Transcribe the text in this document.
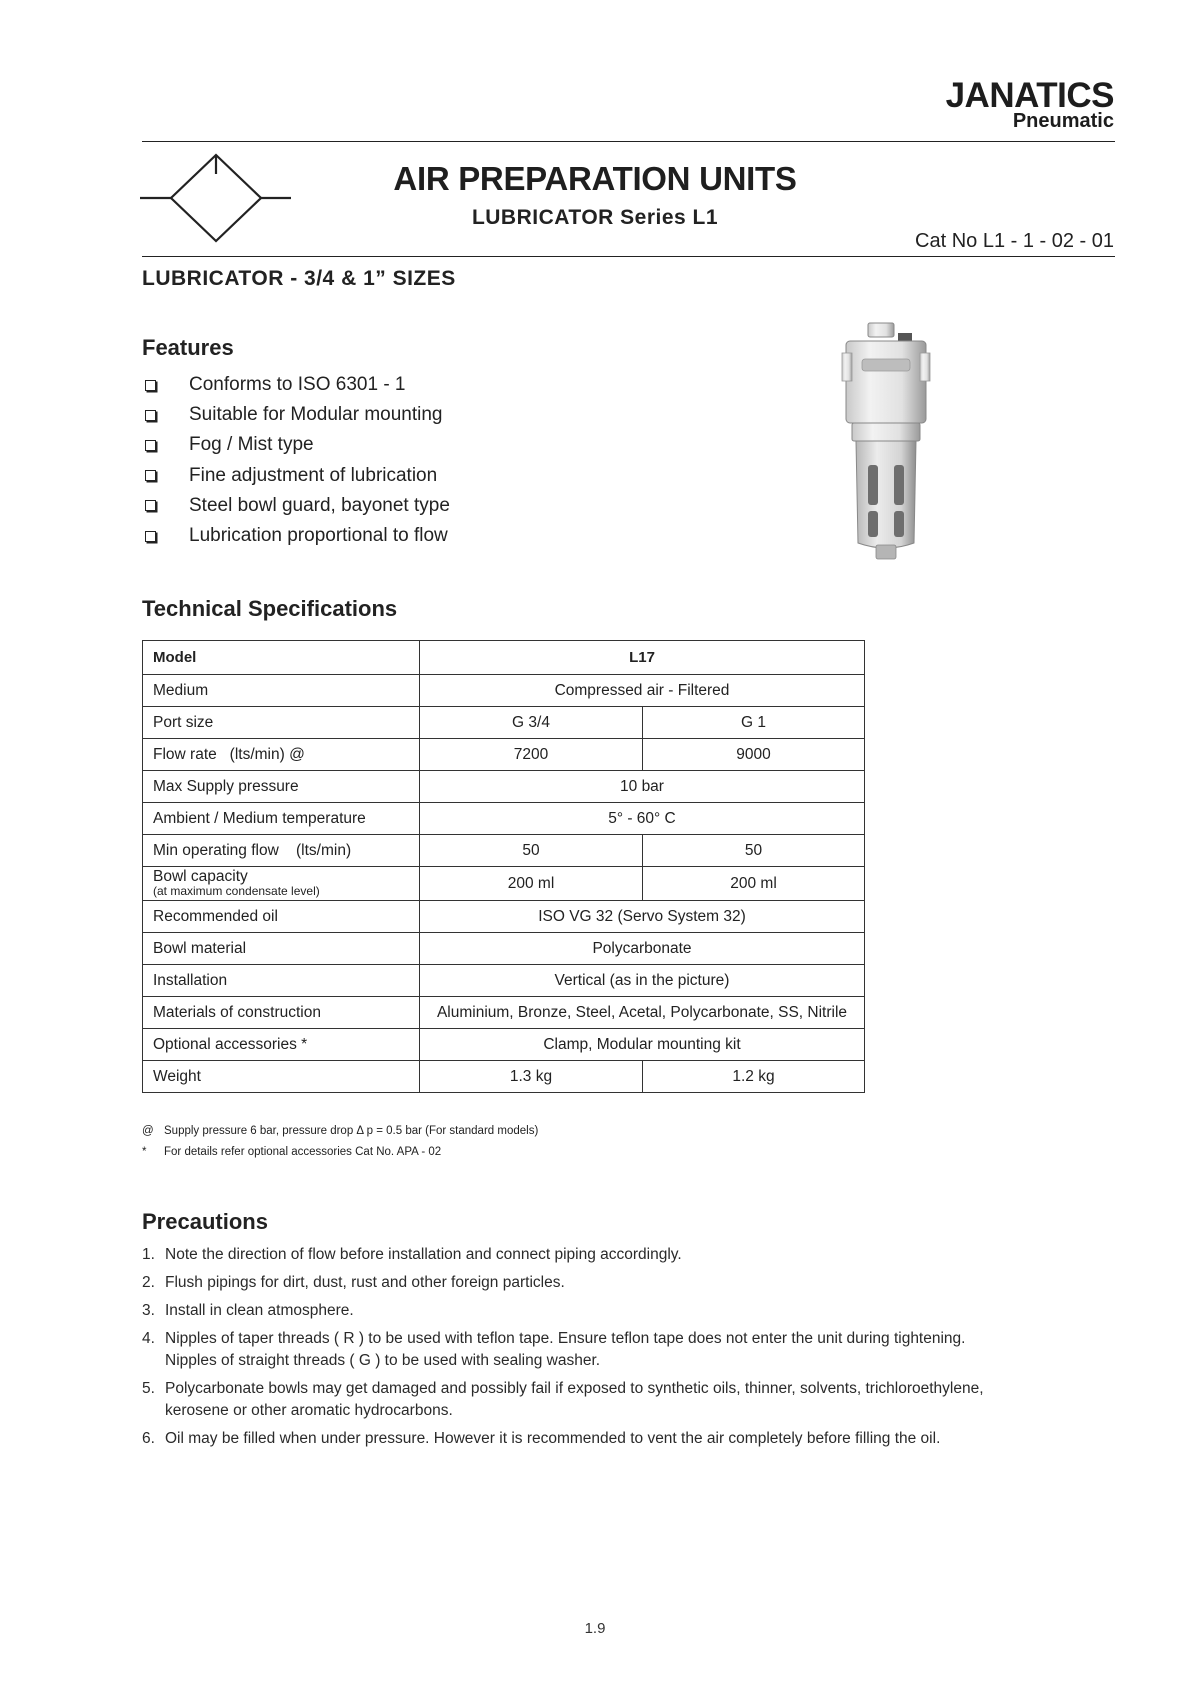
JANATICS
Pneumatic
AIR PREPARATION UNITS
LUBRICATOR Series L1
Cat No L1 - 1 - 02 - 01
LUBRICATOR - 3/4 & 1” SIZES
Features
Conforms to ISO 6301 - 1
Suitable for Modular mounting
Fog / Mist type
Fine adjustment of lubrication
Steel bowl guard, bayonet type
Lubrication proportional to flow
Technical Specifications
Model	L17	
Medium	Compressed air - Filtered	
Port size	G 3/4	G 1
Flow rate   (lts/min) @	7200	9000
Max Supply pressure	10 bar	
Ambient / Medium temperature	5° - 60° C	
Min operating flow    (lts/min)	50	50

Bowl capacity
(at maximum condensate level)	200 ml	200 ml
Recommended oil	ISO VG 32 (Servo System 32)	
Bowl material	Polycarbonate	
Installation	Vertical (as in the picture)	
Materials of construction	Aluminium, Bronze, Steel, Acetal, Polycarbonate, SS, Nitrile	
Optional accessories *	Clamp, Modular mounting kit	
Weight	1.3 kg	1.2 kg
@ Supply pressure 6 bar, pressure drop Δ p = 0.5 bar (For standard models)
*	For details refer optional accessories Cat No. APA - 02
Precautions
1. Note the direction of flow before installation and connect piping accordingly.
2. Flush pipings for dirt, dust, rust and other foreign particles.
3. Install in clean atmosphere.
4. Nipples of taper threads ( R ) to be used with teflon tape. Ensure teflon tape does not enter the unit during tightening. Nipples of straight threads ( G ) to be used with sealing washer.
5. Polycarbonate bowls may get damaged and possibly fail if exposed to synthetic oils, thinner, solvents, trichloroethylene, kerosene or other aromatic hydrocarbons.
6. Oil may be filled when under pressure. However it is recommended to vent the air completely before filling the oil.
1.9
